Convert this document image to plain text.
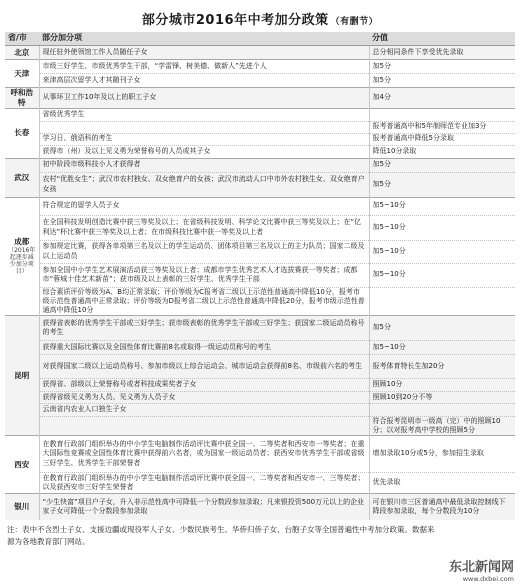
部分城市2016年中考加分政策 （有删节）
省/市	部分加分项	分值
北京	现任驻外使领馆工作人员随任子女	总分相同条件下享受优先录取
天津	市级三好学生、市级优秀学生干部，“学雷锋、树美德、做新人”先进个人	加5分
	来津高层次留学人才其随刊子女	加5分
呼和浩特	从事环卫工作10年及以上的职工子女	加4分
长春	省级优秀学生	
		报考普通高中和5年制师范专业加3分
	学习日、俄语科的考生	报考普通高中降低5分录取
	获得市（州）及以上见义勇为荣誉称号的人员或其子女	降低10分录取
武汉	初中阶段市级科技小人才获得者	加5分
	农村“优胜女生”；武汉市农村独女、双女绝育户的女孩；武汉市流动人口中市外农村独生女、双女绝育户女孩	加5分
成都
（2016年起逐步减少加分项目）	符合规定的留学人员子女	加5~10分
	在全国科技发明创造比赛中获三等奖及以上；在省级科技发明、科学论文比赛中获三等奖及以上；在“亿利达”杯比赛中获三等奖及以上者；在市级科技比赛中获一等奖及以上者	加5~10分
	参加规定比赛，获得各单项第三名及以上的学生运动员、团体项目第三名及以上的主力队员；国家二级及以上运动员	加5~10分
	参加全国中小学生艺术展演活动获三等奖及以上者；成都市学生优秀艺术人才选拔赛获一等奖者；成都市“蓉城十佳艺术新苗”；获市级及以上表彰的三好学生、优秀学生干部	加5~10分
	综合素质评价等级为A、B均正常录取；评价等级为C报考省二级以上示范性普通高中降低10分，报考市级示范性普通高中正常录取；评价等级为D报考省二级以上示范性普通高中降低20分，报考市级示范性普通高中降低10分	
昆明	获得省表彰的优秀学生干部或三好学生；获市级表彰的优秀学生干部或三好学生；获国家二级运动员称号的考生	加5分
	获得重大国际比赛以及全国性体育比赛前8名或取得一级运动员称号的考生	加5~10分
	对获得国家二级以上运动员称号、参加市级以上综合运动会、城市运动会获得前8名、市级前六名的考生	报考体育特长生加20分
	获得省、部级以上荣誉称号或者科技成果奖者子女	照顾10分
	获得省级见义勇为人员、见义勇为人员子女	照顾10到20分不等
	云南省内农业人口独生子女	
		符合报考昆明市一级高（完）中的照顾10分；以对报考高中学校的照顾5分
西安	在教育行政部门组织举办的中小学生电脑制作活动评比赛中获全国一、二等奖者和西安市一等奖者；在重大国际性竞赛或全国性体育比赛中获得前六名者，或为国家一级运动员者；获西安市优秀学生干部或省级三好学生、优秀学生干部荣誉者	增加录取10分或5分，参加招生录取
	在教育行政部门组织举办的中小学生电脑制作活动评比赛中获全国一、二等奖者和西安市一、三等奖者；以及获西安市三好学生荣誉者	优先录取
银川	“少生快富”项目户子女，升入非示范性高中可降低一个分数段参加录取；凡来银投资500万元以上的企业家子女可降低一个分数段参加录取	可在银川市三区普通高中最低录取控制线下降段参加录取，每个分数段为10分
注：表中不含烈士子女、支援边疆或现役军人子女、少数民族考生、华侨归侨子女、台胞子女等全国普遍性中考加分政策。数据来源为各地教育部门网站。
东北新闻网
www.dxbei.com
